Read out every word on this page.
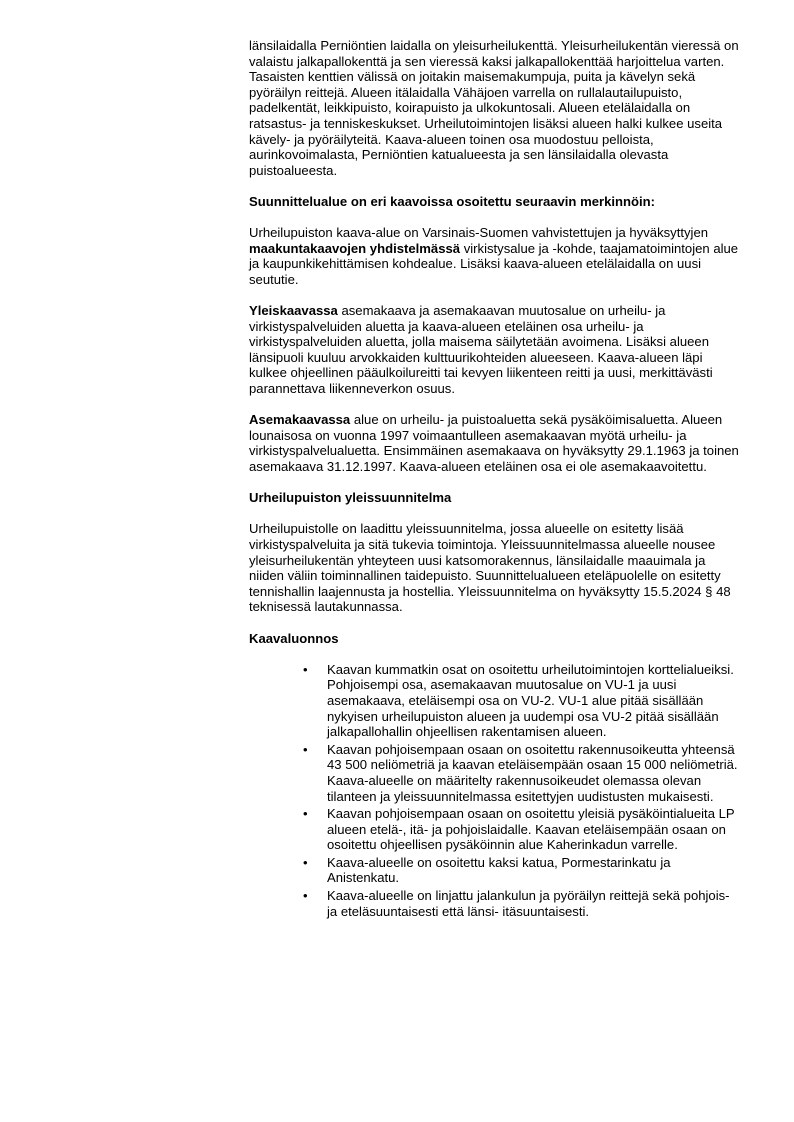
länsilaidalla Perniöntien laidalla on yleisurheilukenttä. Yleisurheilukentän vieressä on valaistu jalkapallokenttä ja sen vieressä kaksi jalkapallokenttää harjoittelua varten. Tasaisten kenttien välissä on joitakin maisemakumpuja, puita ja kävelyn sekä pyöräilyn reittejä. Alueen itälaidalla Vähäjoen varrella on rullalautailupuisto, padelkentät, leikkipuisto, koirapuisto ja ulkokuntosali. Alueen etelälaidalla on ratsastus- ja tenniskeskukset. Urheilutoimintojen lisäksi alueen halki kulkee useita kävely- ja pyöräilyteitä. Kaava-alueen toinen osa muodostuu pelloista, aurinkovoimalasta, Perniöntien katualueesta ja sen länsilaidalla olevasta puistoalueesta.

Suunnittelualue on eri kaavoissa osoitettu seuraavin merkinnöin:

Urheilupuiston kaava-alue on Varsinais-Suomen vahvistettujen ja hyväksyttyjen maakuntakaavojen yhdistelmässä virkistysalue ja -kohde, taajamatoimintojen alue ja kaupunkikehittämisen kohdealue. Lisäksi kaava-alueen etelälaidalla on uusi seututie.

Yleiskaavassa asemakaava ja asemakaavan muutosalue on urheilu- ja virkistyspalveluiden aluetta ja kaava-alueen eteläinen osa urheilu- ja virkistyspalveluiden aluetta, jolla maisema säilytetään avoimena. Lisäksi alueen länsipuoli kuuluu arvokkaiden kulttuurikohteiden alueeseen. Kaava-alueen läpi kulkee ohjeellinen pääulkoilureitti tai kevyen liikenteen reitti ja uusi, merkittävästi parannettava liikenneverkon osuus.

Asemakaavassa alue on urheilu- ja puistoaluetta sekä pysäköimisaluetta. Alueen lounaisosa on vuonna 1997 voimaantulleen asemakaavan myötä urheilu- ja virkistyspalvelualuetta. Ensimmäinen asemakaava on hyväksytty 29.1.1963 ja toinen asemakaava 31.12.1997. Kaava-alueen eteläinen osa ei ole asemakaavoitettu.

Urheilupuiston yleissuunnitelma

Urheilupuistolle on laadittu yleissuunnitelma, jossa alueelle on esitetty lisää virkistyspalveluita ja sitä tukevia toimintoja. Yleissuunnitelmassa alueelle nousee yleisurheilukentän yhteyteen uusi katsomorakennus, länsilaidalle maauimala ja niiden väliin toiminnallinen taidepuisto. Suunnittelualueen eteläpuolelle on esitetty tennishallin laajennusta ja hostellia. Yleissuunnitelma on hyväksytty 15.5.2024 § 48 teknisessä lautakunnassa.

Kaavaluonnos

• Kaavan kummatkin osat on osoitettu urheilutoimintojen korttelialueiksi. Pohjoisempi osa, asemakaavan muutosalue on VU-1 ja uusi asemakaava, eteläisempi osa on VU-2. VU-1 alue pitää sisällään nykyisen urheilupuiston alueen ja uudempi osa VU-2 pitää sisällään jalkapallohallin ohjeellisen rakentamisen alueen.
• Kaavan pohjoisempaan osaan on osoitettu rakennusoikeutta yhteensä 43 500 neliömetriä ja kaavan eteläisempään osaan 15 000 neliömetriä. Kaava-alueelle on määritelty rakennusoikeudet olemassa olevan tilanteen ja yleissuunnitelmassa esitettyjen uudistusten mukaisesti.
• Kaavan pohjoisempaan osaan on osoitettu yleisiä pysäköintialueita LP alueen etelä-, itä- ja pohjoislaidalle. Kaavan eteläisempään osaan on osoitettu ohjeellisen pysäköinnin alue Kaherinkadun varrelle.
• Kaava-alueelle on osoitettu kaksi katua, Pormestarinkatu ja Anistenkatu.
• Kaava-alueelle on linjattu jalankulun ja pyöräilyn reittejä sekä pohjois- ja eteläsuuntaisesti että länsi- itäsuuntaisesti.
